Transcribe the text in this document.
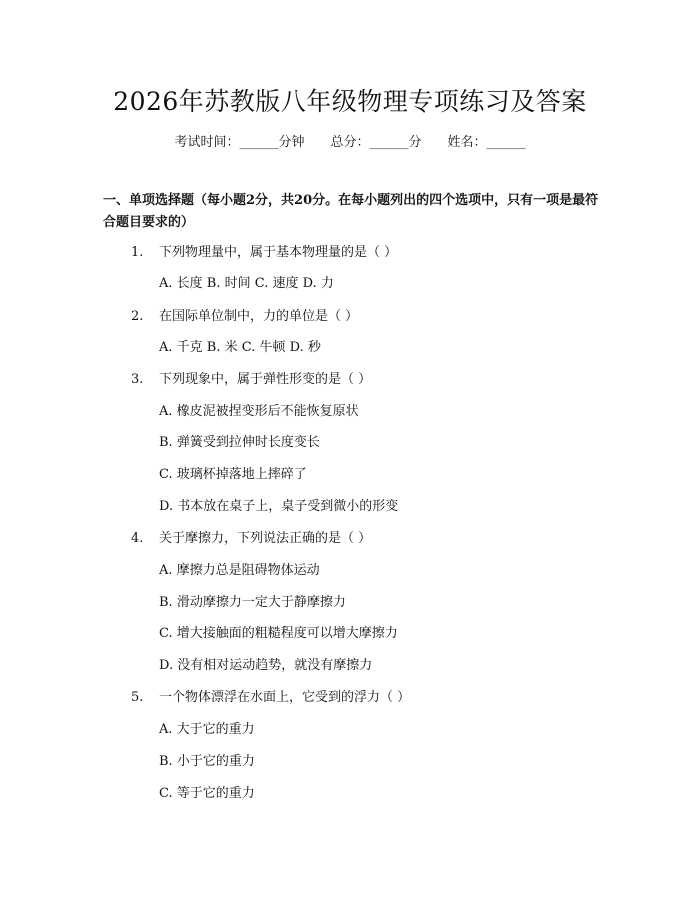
2026年苏教版八年级物理专项练习及答案
考试时间：______分钟 总分：______分 姓名：______
一、单项选择题（每小题2分，共20分。在每小题列出的四个选项中，只有一项是最符合题目要求的）
1. 下列物理量中，属于基本物理量的是（ ）
A. 长度 B. 时间 C. 速度 D. 力
2. 在国际单位制中，力的单位是（ ）
A. 千克 B. 米 C. 牛顿 D. 秒
3. 下列现象中，属于弹性形变的是（ ）
A. 橡皮泥被捏变形后不能恢复原状
B. 弹簧受到拉伸时长度变长
C. 玻璃杯掉落地上摔碎了
D. 书本放在桌子上，桌子受到微小的形变
4. 关于摩擦力，下列说法正确的是（ ）
A. 摩擦力总是阻碍物体运动
B. 滑动摩擦力一定大于静摩擦力
C. 增大接触面的粗糙程度可以增大摩擦力
D. 没有相对运动趋势，就没有摩擦力
5. 一个物体漂浮在水面上，它受到的浮力（ ）
A. 大于它的重力
B. 小于它的重力
C. 等于它的重力
